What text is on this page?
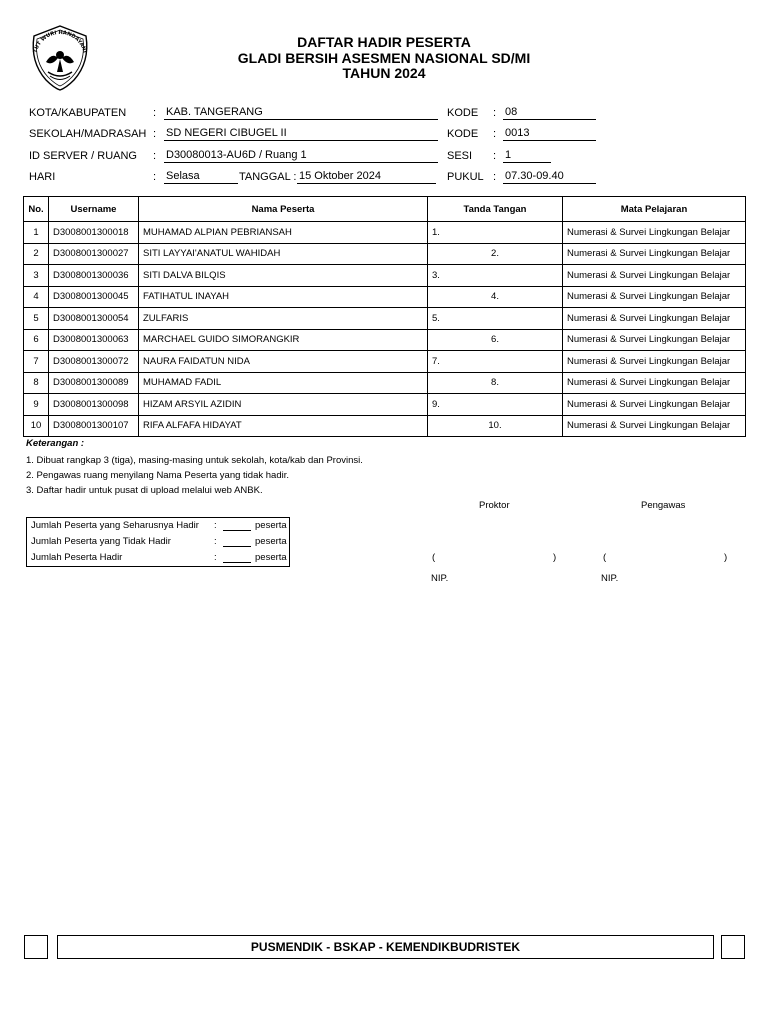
TUT WURI HANDAYANI
DAFTAR HADIR PESERTA
GLADI BERSIH ASESMEN NASIONAL SD/MI
TAHUN 2024
KOTA/KABUPATEN : KAB. TANGERANG
SEKOLAH/MADRASAH : SD NEGERI CIBUGEL II
ID SERVER / RUANG : D30080013-AU6D / Ruang 1
HARI	: Selasa	TANGGAL : 15 Oktober 2024
KODE : 08
KODE : 0013
SESI : 1
PUKUL : 07.30-09.40
No.	Username	Nama Peserta	Tanda Tangan	Mata Pelajaran
1	D3008001300018	MUHAMAD ALPIAN PEBRIANSAH	1.	Numerasi & Survei Lingkungan Belajar
2	D3008001300027	SITI LAYYAI'ANATUL WAHIDAH	2.	Numerasi & Survei Lingkungan Belajar
3	D3008001300036	SITI DALVA BILQIS	3.	Numerasi & Survei Lingkungan Belajar
4	D3008001300045	FATIHATUL INAYAH	4.	Numerasi & Survei Lingkungan Belajar
5	D3008001300054	ZULFARIS	5.	Numerasi & Survei Lingkungan Belajar
6	D3008001300063	MARCHAEL GUIDO SIMORANGKIR	6.	Numerasi & Survei Lingkungan Belajar
7	D3008001300072	NAURA FAIDATUN NIDA	7.	Numerasi & Survei Lingkungan Belajar
8	D3008001300089	MUHAMAD FADIL	8.	Numerasi & Survei Lingkungan Belajar
9	D3008001300098	HIZAM ARSYIL AZIDIN	9.	Numerasi & Survei Lingkungan Belajar
10	D3008001300107	RIFA ALFAFA HIDAYAT	10.	Numerasi & Survei Lingkungan Belajar
Keterangan :
1. Dibuat rangkap 3 (tiga), masing-masing untuk sekolah, kota/kab dan Provinsi.
2. Pengawas ruang menyilang Nama Peserta yang tidak hadir.
3. Daftar hadir untuk pusat di upload melalui web ANBK.
Proktor	Pengawas
(	)	(	)
NIP.	NIP.
Jumlah Peserta yang Seharusnya Hadir :	peserta
Jumlah Peserta yang Tidak Hadir	:	peserta
Jumlah Peserta Hadir	:	peserta
PUSMENDIK - BSKAP - KEMENDIKBUDRISTEK
